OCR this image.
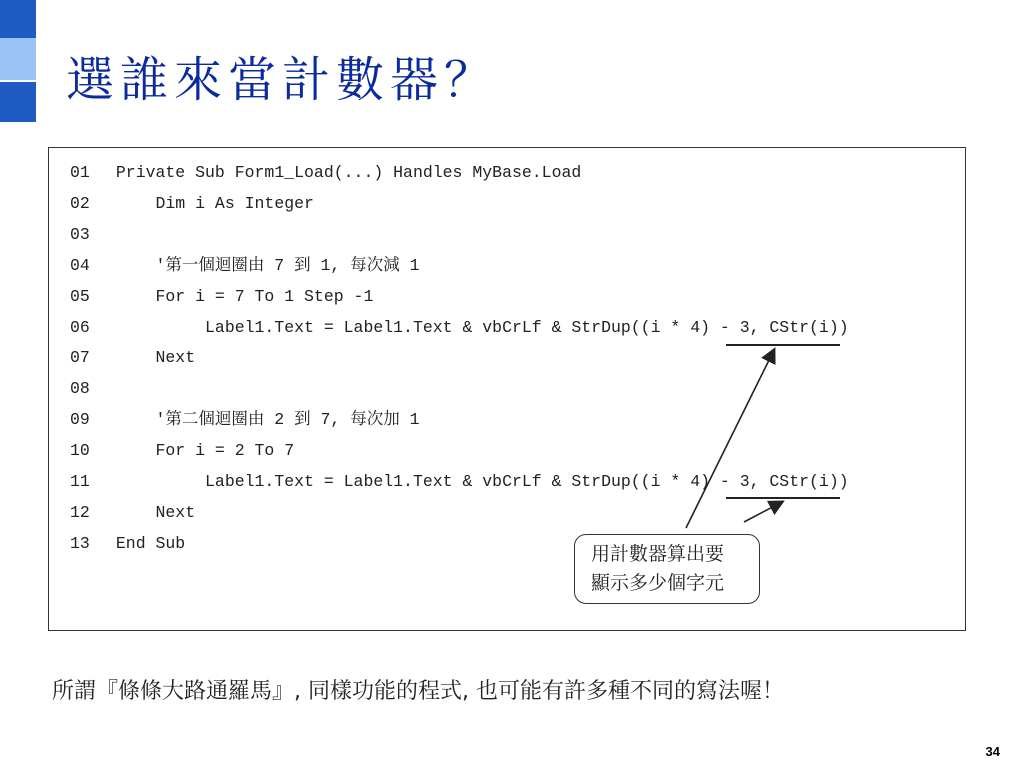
選誰來當計數器？
01 Private Sub Form1_Load(...) Handles MyBase.Load
02     Dim i As Integer
03
04     '第一個迴圈由 7 到 1, 每次減 1
05     For i = 7 To 1 Step -1
06          Label1.Text = Label1.Text & vbCrLf & StrDup((i * 4) - 3, CStr(i))
07     Next
08
09     '第二個迴圈由 2 到 7, 每次加 1
10     For i = 2 To 7
11          Label1.Text = Label1.Text & vbCrLf & StrDup((i * 4) - 3, CStr(i))
12     Next
13 End Sub	用計數器算出要
顯示多少個字元
所謂『條條大路通羅馬』, 同樣功能的程式, 也可能有許多種不同的寫法喔！
34
